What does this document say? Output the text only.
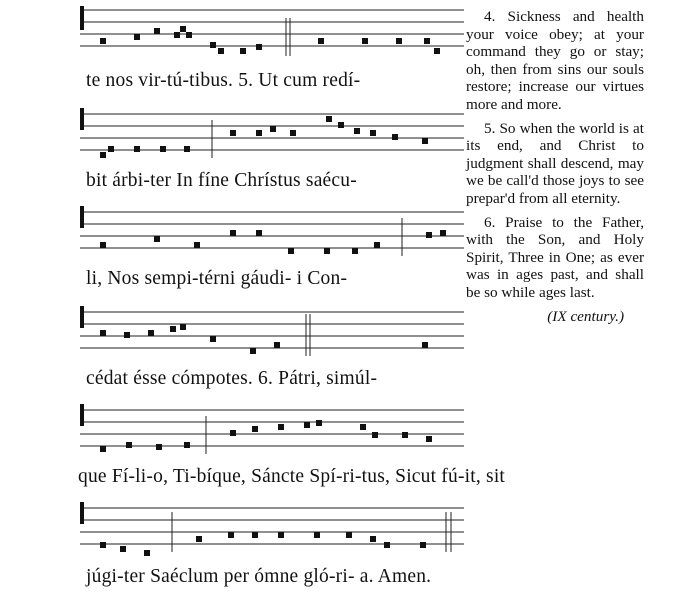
te nos vir-tú-tibus. 5. Ut cum redí-
bit árbi-ter In fíne Chrístus saécu-
li, Nos sempi-térni gáudi- i Con-
cédat ésse cómpotes. 6. Pátri, simúl-
que Fí-li-o, Ti-bíque, Sáncte Spí-ri-tus, Sicut fú-it, sit
júgi-ter Saéclum per ómne gló-ri- a. Amen.

4. Sickness and health your voice obey; at your command they go or stay; oh, then from sins our souls restore; increase our virtues more and more.

5. So when the world is at its end, and Christ to judgment shall descend, may we be call'd those joys to see prepar'd from all eternity.

6. Praise to the Father, with the Son, and Holy Spirit, Three in One; as ever was in ages past, and shall be so while ages last.

(IX century.)
